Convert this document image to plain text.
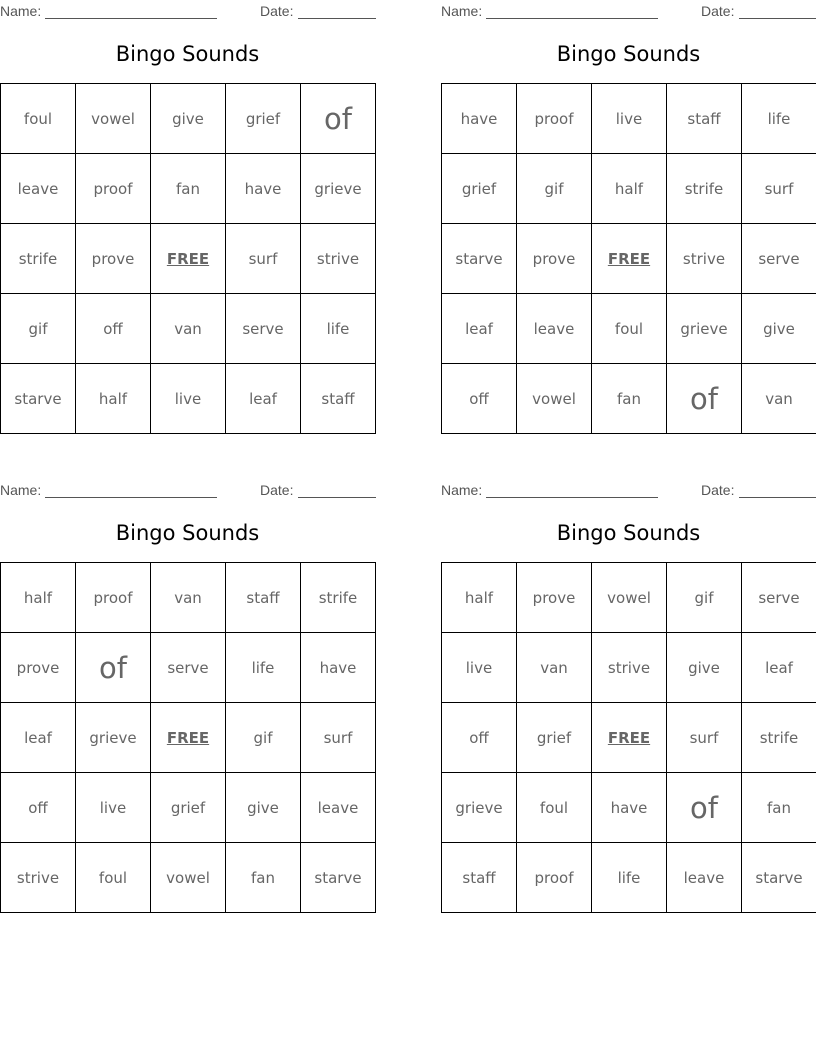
Name:	Date:
Bingo Sounds
foul	vowel	give	grief	of
leave	proof	fan	have	grieve
strife	prove	FREE	surf	strive
gif	off	van	serve	life
starve	half	live	leaf	staff
Name:	Date:
Bingo Sounds
have	proof	live	staff	life
grief	gif	half	strife	surf
starve	prove	FREE	strive	serve
leaf	leave	foul	grieve	give
off	vowel	fan	of	van
Name:	Date:
Bingo Sounds
half	proof	van	staff	strife
prove	of	serve	life	have
leaf	grieve	FREE	gif	surf
off	live	grief	give	leave
strive	foul	vowel	fan	starve
Name:	Date:
Bingo Sounds
half	prove	vowel	gif	serve
live	van	strive	give	leaf
off	grief	FREE	surf	strife
grieve	foul	have	of	fan
staff	proof	life	leave	starve
